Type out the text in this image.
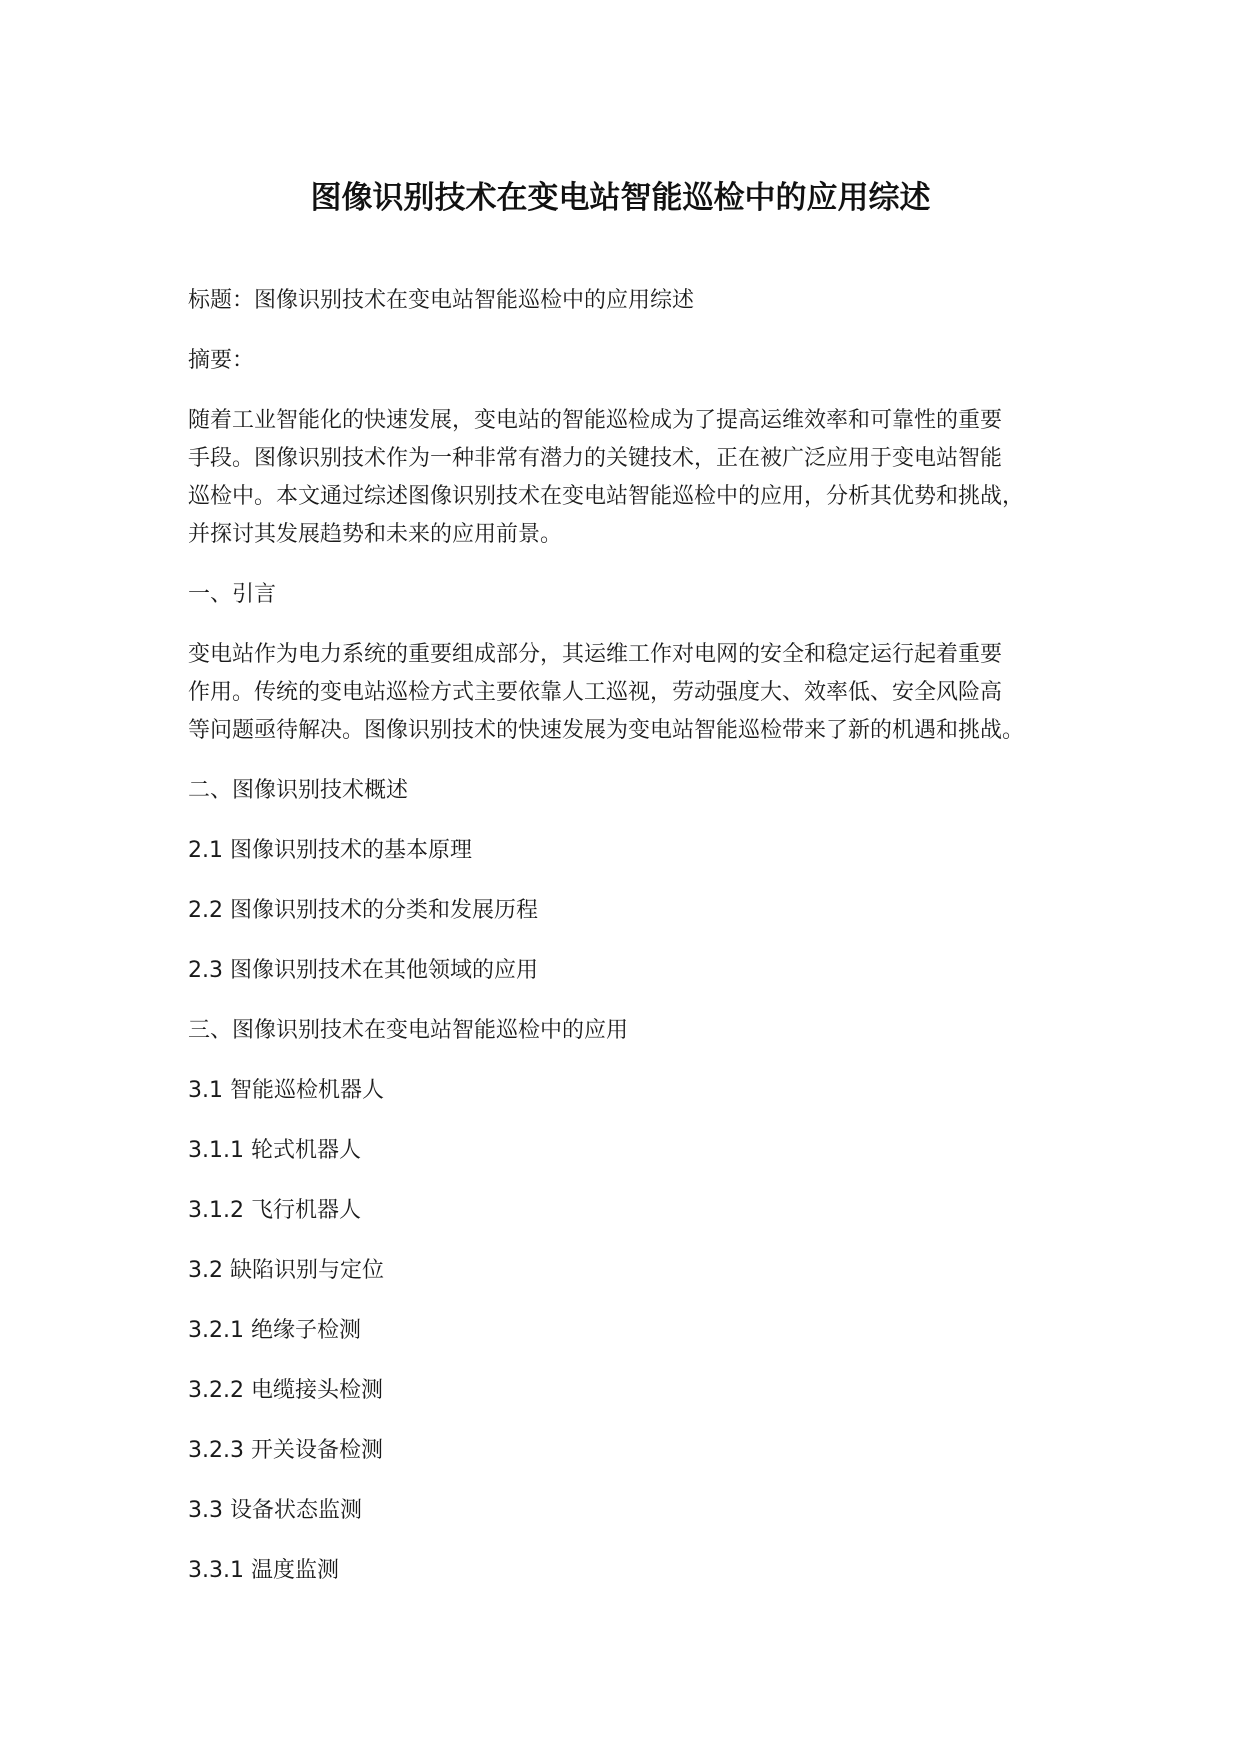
图像识别技术在变电站智能巡检中的应用综述
标题：图像识别技术在变电站智能巡检中的应用综述
摘要：
随着工业智能化的快速发展，变电站的智能巡检成为了提高运维效率和可靠性的重要
手段。图像识别技术作为一种非常有潜力的关键技术，正在被广泛应用于变电站智能
巡检中。本文通过综述图像识别技术在变电站智能巡检中的应用，分析其优势和挑战，
并探讨其发展趋势和未来的应用前景。
一、引言
变电站作为电力系统的重要组成部分，其运维工作对电网的安全和稳定运行起着重要
作用。传统的变电站巡检方式主要依靠人工巡视，劳动强度大、效率低、安全风险高
等问题亟待解决。图像识别技术的快速发展为变电站智能巡检带来了新的机遇和挑战。
二、图像识别技术概述
2.1 图像识别技术的基本原理
2.2 图像识别技术的分类和发展历程
2.3 图像识别技术在其他领域的应用
三、图像识别技术在变电站智能巡检中的应用
3.1 智能巡检机器人
3.1.1 轮式机器人
3.1.2 飞行机器人
3.2 缺陷识别与定位
3.2.1 绝缘子检测
3.2.2 电缆接头检测
3.2.3 开关设备检测
3.3 设备状态监测
3.3.1 温度监测
